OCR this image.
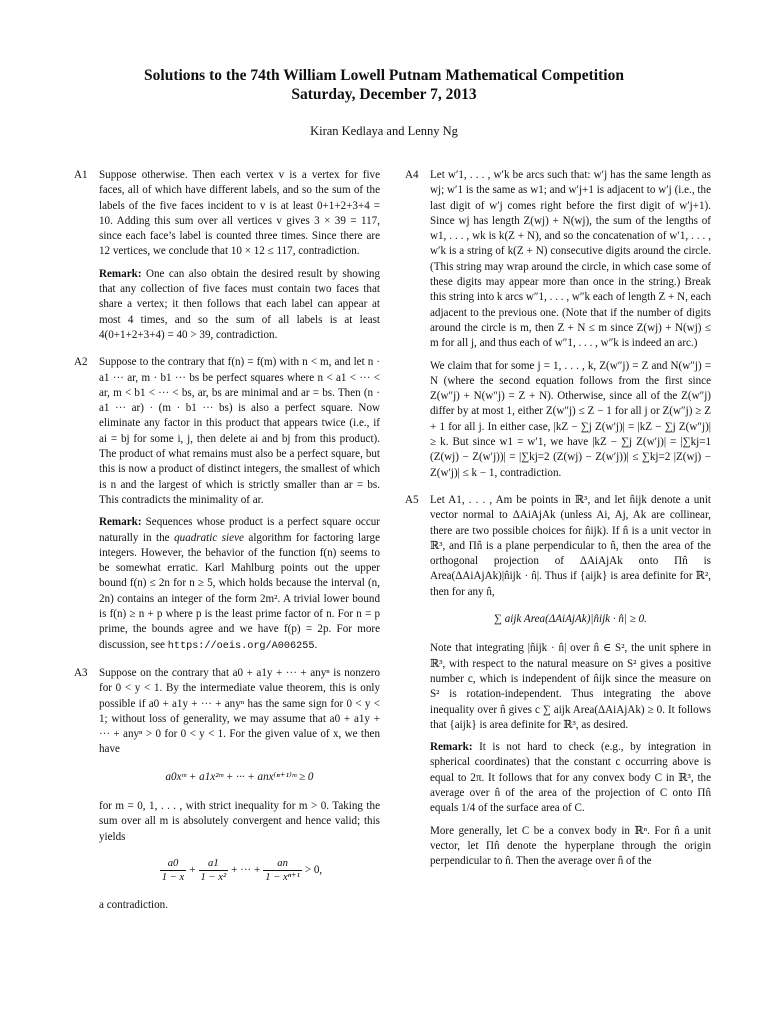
Solutions to the 74th William Lowell Putnam Mathematical Competition
Saturday, December 7, 2013
Kiran Kedlaya and Lenny Ng
A1 Suppose otherwise. Then each vertex v is a vertex for five faces, all of which have different labels, and so the sum of the labels of the five faces incident to v is at least 0+1+2+3+4 = 10. Adding this sum over all vertices v gives 3 × 39 = 117, since each face’s label is counted three times. Since there are 12 vertices, we conclude that 10 × 12 ≤ 117, contradiction.

Remark: One can also obtain the desired result by showing that any collection of five faces must contain two faces that share a vertex; it then follows that each label can appear at most 4 times, and so the sum of all labels is at least 4(0+1+2+3+4) = 40 > 39, contradiction.

A2 Suppose to the contrary that f(n) = f(m) with n < m, and let n · a1 ··· ar, m · b1 ··· bs be perfect squares where n < a1 < ··· < ar, m < b1 < ··· < bs, ar, bs are minimal and ar = bs. Then (n · a1 ··· ar) · (m · b1 ··· bs) is also a perfect square. Now eliminate any factor in this product that appears twice (i.e., if ai = bj for some i, j, then delete ai and bj from this product). The product of what remains must also be a perfect square, but this is now a product of distinct integers, the smallest of which is n and the largest of which is strictly smaller than ar = bs. This contradicts the minimality of ar.

Remark: Sequences whose product is a perfect square occur naturally in the quadratic sieve algorithm for factoring large integers. However, the behavior of the function f(n) seems to be somewhat erratic. Karl Mahlburg points out the upper bound f(n) ≤ 2n for n ≥ 5, which holds because the interval (n, 2n) contains an integer of the form 2m². A trivial lower bound is f(n) ≥ n + p where p is the least prime factor of n. For n = p prime, the bounds agree and we have f(p) = 2p. For more discussion, see https://oeis.org/A006255.

A3 Suppose on the contrary that a0 + a1y + ··· + anyⁿ is nonzero for 0 < y < 1. By the intermediate value theorem, this is only possible if a0 + a1y + ··· + anyⁿ has the same sign for 0 < y < 1; without loss of generality, we may assume that a0 + a1y + ··· + anyⁿ > 0 for 0 < y < 1. For the given value of x, we then have

a0xᵐ + a1x²ᵐ + ··· + anx⁽ⁿ⁺¹⁾ᵐ ≥ 0

for m = 0, 1, . . . , with strict inequality for m > 0. Taking the sum over all m is absolutely convergent and hence valid; this yields

$\frac{a0}{1 - x} + \frac{a1}{\text{1 − x²}}$ + ··· + $\frac{an}{\text{1 − xⁿ⁺¹}} > 0$,

a contradiction.

A4 Let w′1, . . . , w′k be arcs such that: w′j has the same length as wj; w′1 is the same as w1; and w′j+1 is adjacent to w′j (i.e., the last digit of w′j comes right before the first digit of w′j+1). Since wj has length Z(wj) + N(wj), the sum of the lengths of w1, . . . , wk is k(Z + N), and so the concatenation of w′1, . . . , w′k is a string of k(Z + N) consecutive digits around the circle. (This string may wrap around the circle, in which case some of these digits may appear more than once in the string.) Break this string into k arcs w″1, . . . , w″k each of length Z + N, each adjacent to the previous one. (Note that if the number of digits around the circle is m, then Z + N ≤ m since Z(wj) + N(wj) ≤ m for all j, and thus each of w″1, . . . , w″k is indeed an arc.)

We claim that for some j = 1, . . . , k, Z(w″j) = Z and N(w″j) = N (where the second equation follows from the first since Z(w″j) + N(w″j) = Z + N). Otherwise, since all of the Z(w″j) differ by at most 1, either Z(w″j) ≤ Z − 1 for all j or Z(w″j) ≥ Z + 1 for all j. In either case, |kZ − ∑j Z(w′j)| = |kZ − ∑j Z(w″j)| ≥ k. But since w1 = w′1, we have |kZ − ∑j Z(w′j)| = |∑kj=1 (Z(wj) − Z(w′j))| = |∑kj=2 (Z(wj) − Z(w′j))| ≤ ∑kj=2 |Z(wj) − Z(w′j)| ≤ k − 1, contradiction.

A5 Let A1, . . . , Am be points in ℝ³, and let n̂ijk denote a unit vector normal to ΔAiAjAk (unless Ai, Aj, Ak are collinear, there are two possible choices for n̂ijk). If n̂ is a unit vector in ℝ³, and Πn̂ is a plane perpendicular to n̂, then the area of the orthogonal projection of ΔAiAjAk onto Πn̂ is Area(ΔAiAjAk)|n̂ijk · n̂|. Thus if {aijk} is area definite for ℝ², then for any n̂,

∑ aijk Area(ΔAiAjAk)|n̂ijk · n̂| ≥ 0.

Note that integrating |n̂ijk · n̂| over n̂ ∈ S², the unit sphere in ℝ³, with respect to the natural measure on S² gives a positive number c, which is independent of n̂ijk since the measure on S² is rotation-independent. Thus integrating the above inequality over n̂ gives c ∑ aijk Area(ΔAiAjAk) ≥ 0. It follows that {aijk} is area definite for ℝ³, as desired.

Remark: It is not hard to check (e.g., by integration in spherical coordinates) that the constant c occurring above is equal to 2π. It follows that for any convex body C in ℝ³, the average over n̂ of the area of the projection of C onto Πn̂ equals 1/4 of the surface area of C.

More generally, let C be a convex body in ℝⁿ. For n̂ a unit vector, let Πn̂ denote the hyperplane through the origin perpendicular to n̂. Then the average over n̂ of the
